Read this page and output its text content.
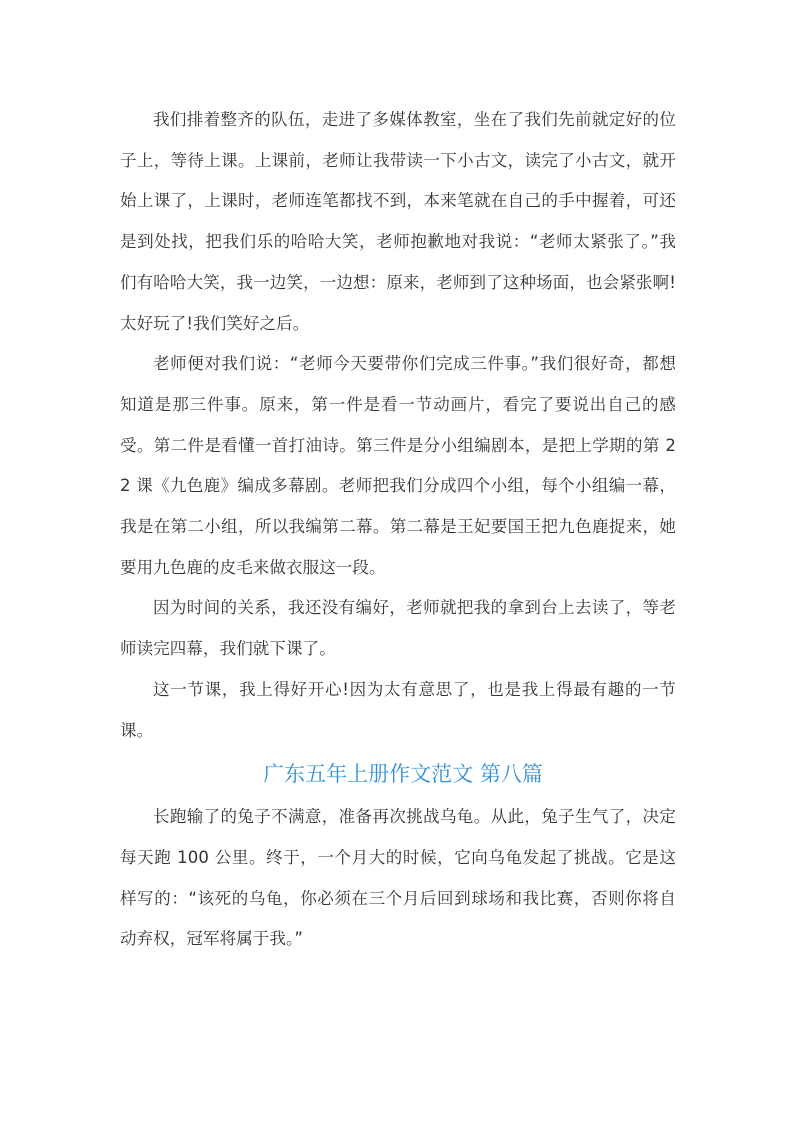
我们排着整齐的队伍，走进了多媒体教室，坐在了我们先前就定好的位子上，等待上课。上课前，老师让我带读一下小古文，读完了小古文，就开始上课了，上课时，老师连笔都找不到，本来笔就在自己的手中握着，可还是到处找，把我们乐的哈哈大笑，老师抱歉地对我说：“老师太紧张了。”我们有哈哈大笑，我一边笑，一边想：原来，老师到了这种场面，也会紧张啊!太好玩了!我们笑好之后。

老师便对我们说：“老师今天要带你们完成三件事。”我们很好奇，都想知道是那三件事。原来，第一件是看一节动画片，看完了要说出自己的感受。第二件是看懂一首打油诗。第三件是分小组编剧本，是把上学期的第 22 课《九色鹿》编成多幕剧。老师把我们分成四个小组，每个小组编一幕，我是在第二小组，所以我编第二幕。第二幕是王妃要国王把九色鹿捉来，她要用九色鹿的皮毛来做衣服这一段。

因为时间的关系，我还没有编好，老师就把我的拿到台上去读了，等老师读完四幕，我们就下课了。

这一节课，我上得好开心!因为太有意思了，也是我上得最有趣的一节课。

广东五年上册作文范文 第八篇

长跑输了的兔子不满意，准备再次挑战乌龟。从此，兔子生气了，决定每天跑 100 公里。终于，一个月大的时候，它向乌龟发起了挑战。它是这样写的：“该死的乌龟，你必须在三个月后回到球场和我比赛，否则你将自动弃权，冠军将属于我。”
